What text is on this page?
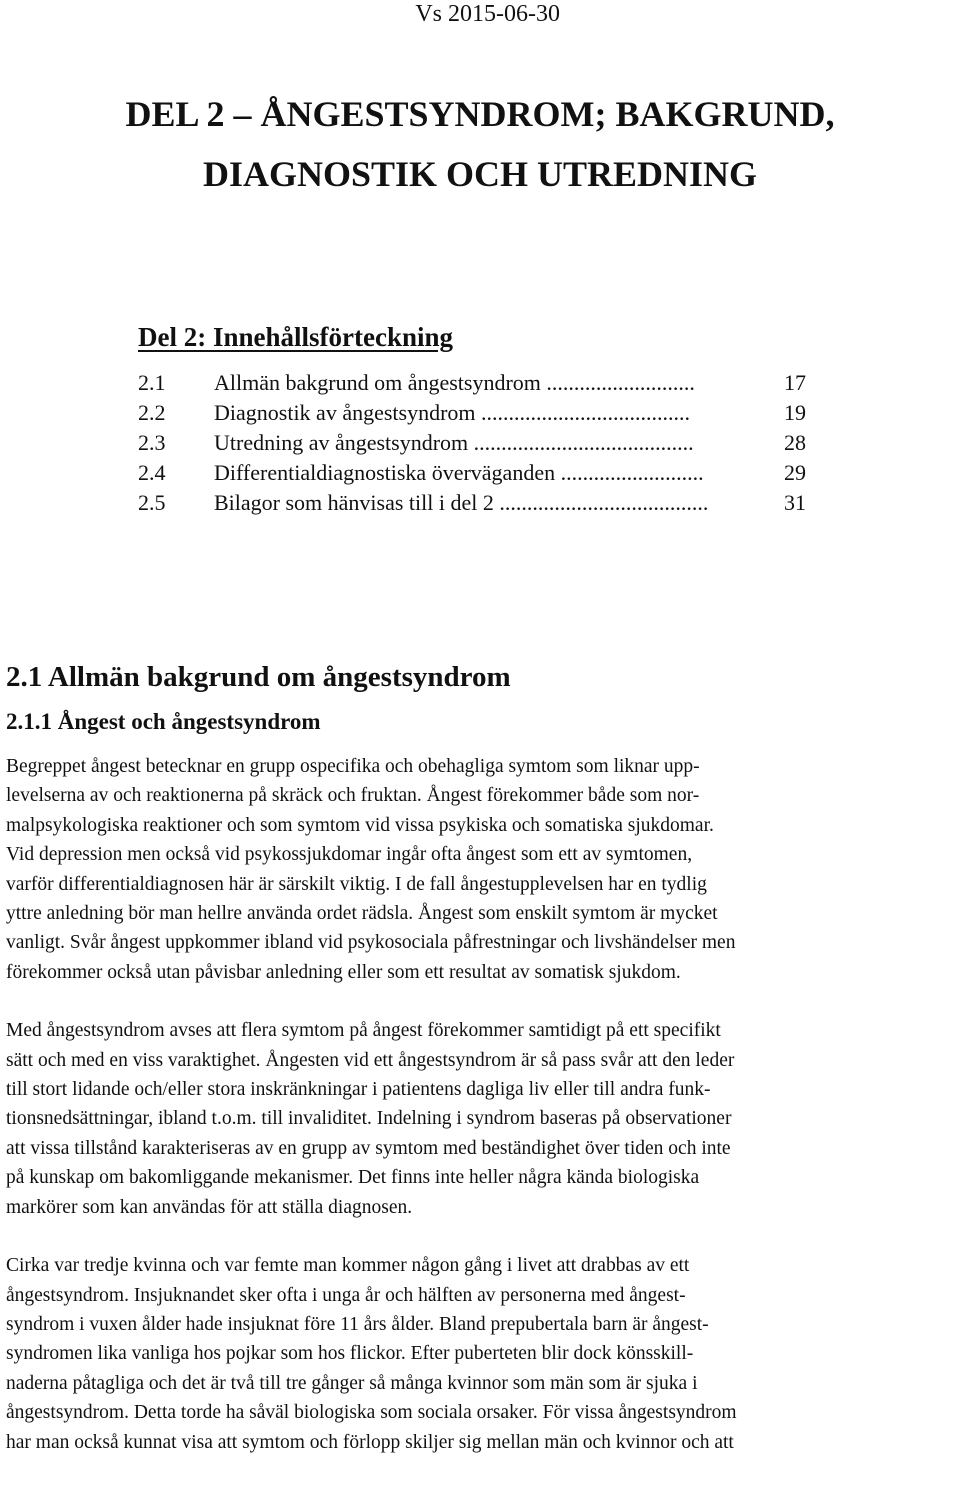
Vs 2015-06-30
DEL 2 – ÅNGESTSYNDROM; BAKGRUND,
DIAGNOSTIK OCH UTREDNING
Del 2: Innehållsförteckning
2.1	Allmän bakgrund om ångestsyndrom ...........................	17
2.2	Diagnostik av ångestsyndrom ......................................	19
2.3	Utredning av ångestsyndrom ........................................	28
2.4	Differentialdiagnostiska överväganden ..........................	29
2.5	Bilagor som hänvisas till i del 2 ......................................	31
2.1 Allmän bakgrund om ångestsyndrom
2.1.1 Ångest och ångestsyndrom
Begreppet ångest betecknar en grupp ospecifika och obehagliga symtom som liknar upp-
levelserna av och reaktionerna på skräck och fruktan. Ångest förekommer både som nor-
malpsykologiska reaktioner och som symtom vid vissa psykiska och somatiska sjukdomar.
Vid depression men också vid psykossjukdomar ingår ofta ångest som ett av symtomen,
varför differentialdiagnosen här är särskilt viktig. I de fall ångestupplevelsen har en tydlig
yttre anledning bör man hellre använda ordet rädsla. Ångest som enskilt symtom är mycket
vanligt. Svår ångest uppkommer ibland vid psykosociala påfrestningar och livshändelser men
förekommer också utan påvisbar anledning eller som ett resultat av somatisk sjukdom.
Med ångestsyndrom avses att flera symtom på ångest förekommer samtidigt på ett specifikt
sätt och med en viss varaktighet. Ångesten vid ett ångestsyndrom är så pass svår att den leder
till stort lidande och/eller stora inskränkningar i patientens dagliga liv eller till andra funk-
tionsnedsättningar, ibland t.o.m. till invaliditet. Indelning i syndrom baseras på observationer
att vissa tillstånd karakteriseras av en grupp av symtom med beständighet över tiden och inte
på kunskap om bakomliggande mekanismer. Det finns inte heller några kända biologiska
markörer som kan användas för att ställa diagnosen.
Cirka var tredje kvinna och var femte man kommer någon gång i livet att drabbas av ett
ångestsyndrom. Insjuknandet sker ofta i unga år och hälften av personerna med ångest-
syndrom i vuxen ålder hade insjuknat före 11 års ålder. Bland prepubertala barn är ångest-
syndromen lika vanliga hos pojkar som hos flickor. Efter puberteten blir dock könsskill-
naderna påtagliga och det är två till tre gånger så många kvinnor som män som är sjuka i
ångestsyndrom. Detta torde ha såväl biologiska som sociala orsaker. För vissa ångestsyndrom
har man också kunnat visa att symtom och förlopp skiljer sig mellan män och kvinnor och att
